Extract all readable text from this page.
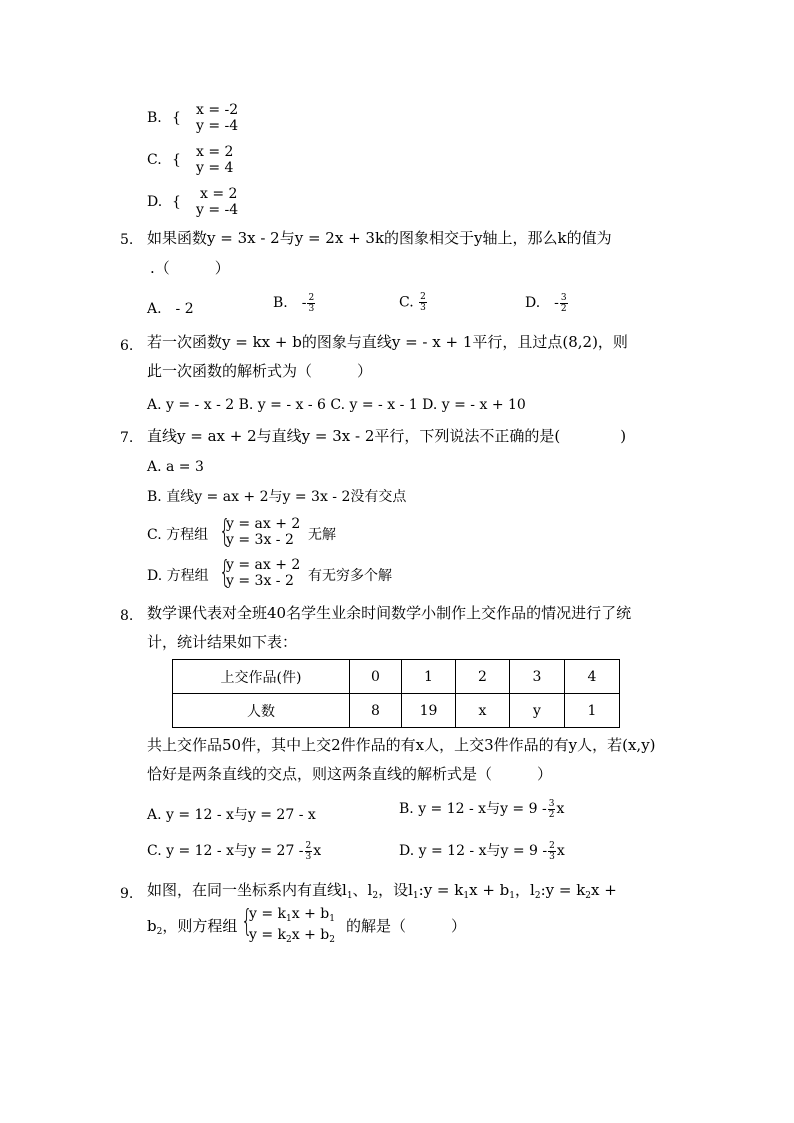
B. { x = -2
y = -4
C. { x = 2
y = 4
D. { x = 2
y = -4
5. 如果函数y = 3x - 2与y = 2x + 3k的图象相交于y轴上，那么k的值为
.（　　　）
A.　- 2	B.　- $\frac{2}{3}$	C. $\frac{2}{3}$	D.　- $\frac{3}{2}$
6. 若一次函数y = kx + b的图象与直线y = - x + 1平行，且过点(8,2)，则
此一次函数的解析式为（　　　）
A. y = - x - 2 B. y = - x - 6 C. y = - x - 1 D. y = - x + 10
7. 直线y = ax + 2与直线y = 3x - 2平行，下列说法不正确的是(　　　　)
A. a = 3
B. 直线y = ax + 2与y = 3x - 2没有交点
C. 方程组 {
y = ax + 2
y = 3x - 2	无解
D. 方程组 {
y = ax + 2
y = 3x - 2	有无穷多个解
8. 数学课代表对全班40名学生业余时间数学小制作上交作品的情况进行了统
计，统计结果如下表：
上交作品(件)	0	1	2	3	4
人数	8	19	x	y	1
共上交作品50件，其中上交2件作品的有x人，上交3件作品的有y人，若(x,y)
恰好是两条直线的交点，则这两条直线的解析式是（　　　）
A. y = 12 - x与y = 27 - x	B. y = 12 - x与$y = 9 - \frac{3}{2}$ x
C. y = 12 - x与$y = 27 - \frac{2}{3}$ x	D. y = 12 - x与$y = 9 - \frac{2}{3}$ x
9. 如图，在同一坐标系内有直线$l_1$、$l_2$，设$l_1:y = k_1x + b_1$，$l_2:y = k_2x$ +
$b_2$，则方程组 {
$y = k_1x + b_1$
$y = k_2x + b_2$
的解是（　　　）
